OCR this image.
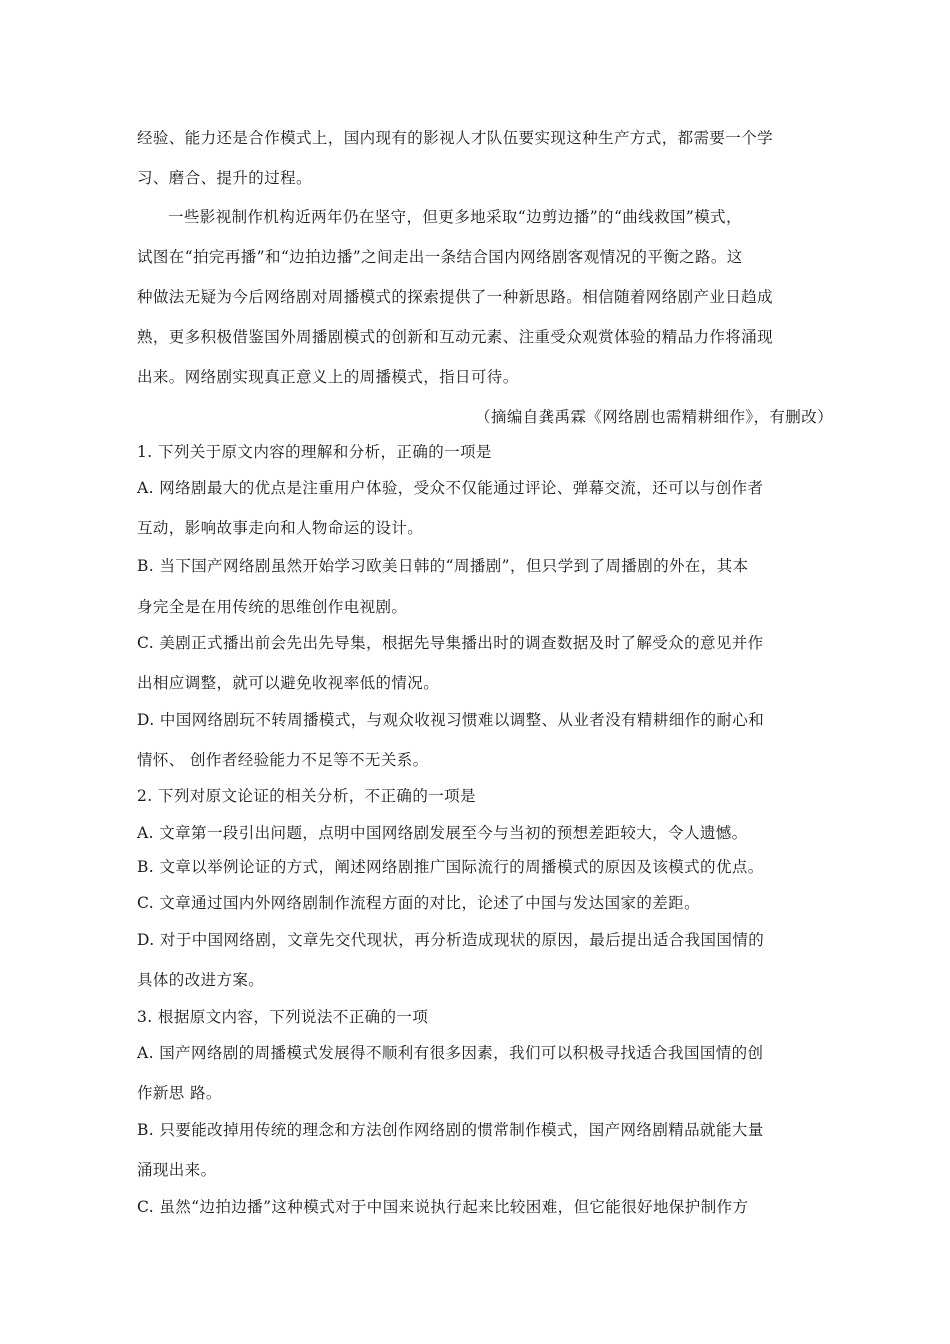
经验、能力还是合作模式上，国内现有的影视人才队伍要实现这种生产方式，都需要一个学
习、磨合、提升的过程。
一些影视制作机构近两年仍在坚守，但更多地采取“边剪边播”的“曲线救国”模式，
试图在“拍完再播”和“边拍边播”之间走出一条结合国内网络剧客观情况的平衡之路。这
种做法无疑为今后网络剧对周播模式的探索提供了一种新思路。相信随着网络剧产业日趋成
熟，更多积极借鉴国外周播剧模式的创新和互动元素、注重受众观赏体验的精品力作将涌现
出来。网络剧实现真正意义上的周播模式，指日可待。
（摘编自龚禹霖《网络剧也需精耕细作》，有删改）
1. 下列关于原文内容的理解和分析，正确的一项是
A. 网络剧最大的优点是注重用户体验，受众不仅能通过评论、弹幕交流，还可以与创作者
互动，影响故事走向和人物命运的设计。
B. 当下国产网络剧虽然开始学习欧美日韩的“周播剧”，但只学到了周播剧的外在，其本
身完全是在用传统的思维创作电视剧。
C. 美剧正式播出前会先出先导集，根据先导集播出时的调查数据及时了解受众的意见并作
出相应调整，就可以避免收视率低的情况。
D. 中国网络剧玩不转周播模式，与观众收视习惯难以调整、从业者没有精耕细作的耐心和
情怀、 创作者经验能力不足等不无关系。
2. 下列对原文论证的相关分析，不正确的一项是
A. 文章第一段引出问题，点明中国网络剧发展至今与当初的预想差距较大，令人遗憾。
B. 文章以举例论证的方式，阐述网络剧推广国际流行的周播模式的原因及该模式的优点。
C. 文章通过国内外网络剧制作流程方面的对比，论述了中国与发达国家的差距。
D. 对于中国网络剧，文章先交代现状，再分析造成现状的原因，最后提出适合我国国情的
具体的改进方案。
3. 根据原文内容，下列说法不正确的一项
A. 国产网络剧的周播模式发展得不顺利有很多因素，我们可以积极寻找适合我国国情的创
作新思 路。
B. 只要能改掉用传统的理念和方法创作网络剧的惯常制作模式，国产网络剧精品就能大量
涌现出来。
C. 虽然“边拍边播”这种模式对于中国来说执行起来比较困难，但它能很好地保护制作方
